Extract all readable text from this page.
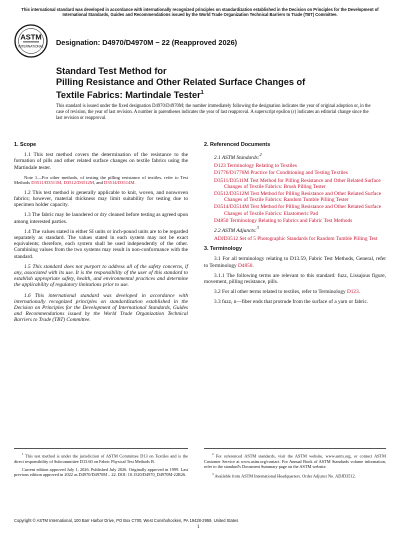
This international standard was developed in accordance with internationally recognized principles on standardization established in the Decision on Principles for the Development of International Standards, Guides and Recommendations issued by the World Trade Organization Technical Barriers to Trade (TBT) Committee.
ASTM
INTERNATIONAL Designation: D4970/D4970M − 22 (Reapproved 2026)
Standard Test Method for
Pilling Resistance and Other Related Surface Changes of
Textile Fabrics: Martindale Tester$^1$
This standard is issued under the fixed designation D4970/D4970M; the number immediately following the designation indicates the year of original adoption or, in the case of revision, the year of last revision. A number in parentheses indicates the year of last reapproval. A superscript epsilon (ε) indicates an editorial change since the last revision or reapproval.
1. Scope
1.1 This test method covers the determination of the resistance to the formation of pills and other related surface changes on textile fabrics using the Martindale tester.
Note 1—For other methods, of testing the pilling resistance of textiles, refer to Test Methods D3511/D3511M, D3512/D3512M, and D3514/D3514M.
1.2 This test method is generally applicable to knit, woven, and nonwoven fabrics; however, material thickness may limit suitability for testing due to specimen holder capacity.
1.3 The fabric may be laundered or dry cleaned before testing as agreed upon among interested parties.
1.4 The values stated in either SI units or inch-pound units are to be regarded separately as standard. The values stated in each system may not be exact equivalents; therefore, each system shall be used independently of the other. Combining values from the two systems may result in non-conformance with the standard.
1.5 This standard does not purport to address all of the safety concerns, if any, associated with its use. It is the responsibility of the user of this standard to establish appropriate safety, health, and environmental practices and determine the applicability of regulatory limitations prior to use.
1.6 This international standard was developed in accordance with internationally recognized principles on standardization established in the Decision on Principles for the Development of International Standards, Guides and Recommendations issued by the World Trade Organization Technical Barriers to Trade (TBT) Committee.
2. Referenced Documents
2.1 ASTM Standards:$^2$
D123 Terminology Relating to Textiles
D1776/D1776M Practice for Conditioning and Testing Textiles
D3511/D3511M Test Method for Pilling Resistance and Other Related Surface Changes of Textile Fabrics: Brush Pilling Tester
D3512/D3512M Test Method for Pilling Resistance and Other Related Surface Changes of Textile Fabrics: Random Tumble Pilling Tester
D3514/D3514M Test Method for Pilling Resistance and Other Related Surface Changes of Textile Fabrics: Elastomeric Pad
D4850 Terminology Relating to Fabrics and Fabric Test Methods
2.2 ASTM Adjuncts:$^3$
ADJD3512 Set of 5 Photographic Standards for Random Tumble Pilling Test
3. Terminology
3.1 For all terminology relating to D13.59, Fabric Test Methods, General, refer to Terminology D4850.
3.1.1 The following terms are relevant to this standard: fuzz, Lissajous figure, movement, pilling resistance, pills.
3.2 For all other terms related to textiles, refer to Terminology D123.
3.3 fuzz, n—fiber ends that protrude from the surface of a yarn or fabric.
$^1$ This test method is under the jurisdiction of ASTM Committee D13 on Textiles and is the direct responsibility of Subcommittee D13.60 on Fabric Physical Test Methods B.
Current edition approved July 1, 2026. Published July 2026. Originally approved in 1999. Last previous edition approved in 2022 as D4970/D4970M – 22. DOI: 10.1520/D4970_D4970M-22R26.
$^2$ For referenced ASTM standards, visit the ASTM website, www.astm.org, or contact ASTM Customer Service at www.astm.org/contact. For Annual Book of ASTM Standards volume information, refer to the standard's Document Summary page on the ASTM website.
$^3$ Available from ASTM International Headquarters. Order Adjunct No. ADJD3512.
Copyright © ASTM International, 100 Barr Harbor Drive, PO Box C700, West Conshohocken, PA 19428-2959. United States
1
